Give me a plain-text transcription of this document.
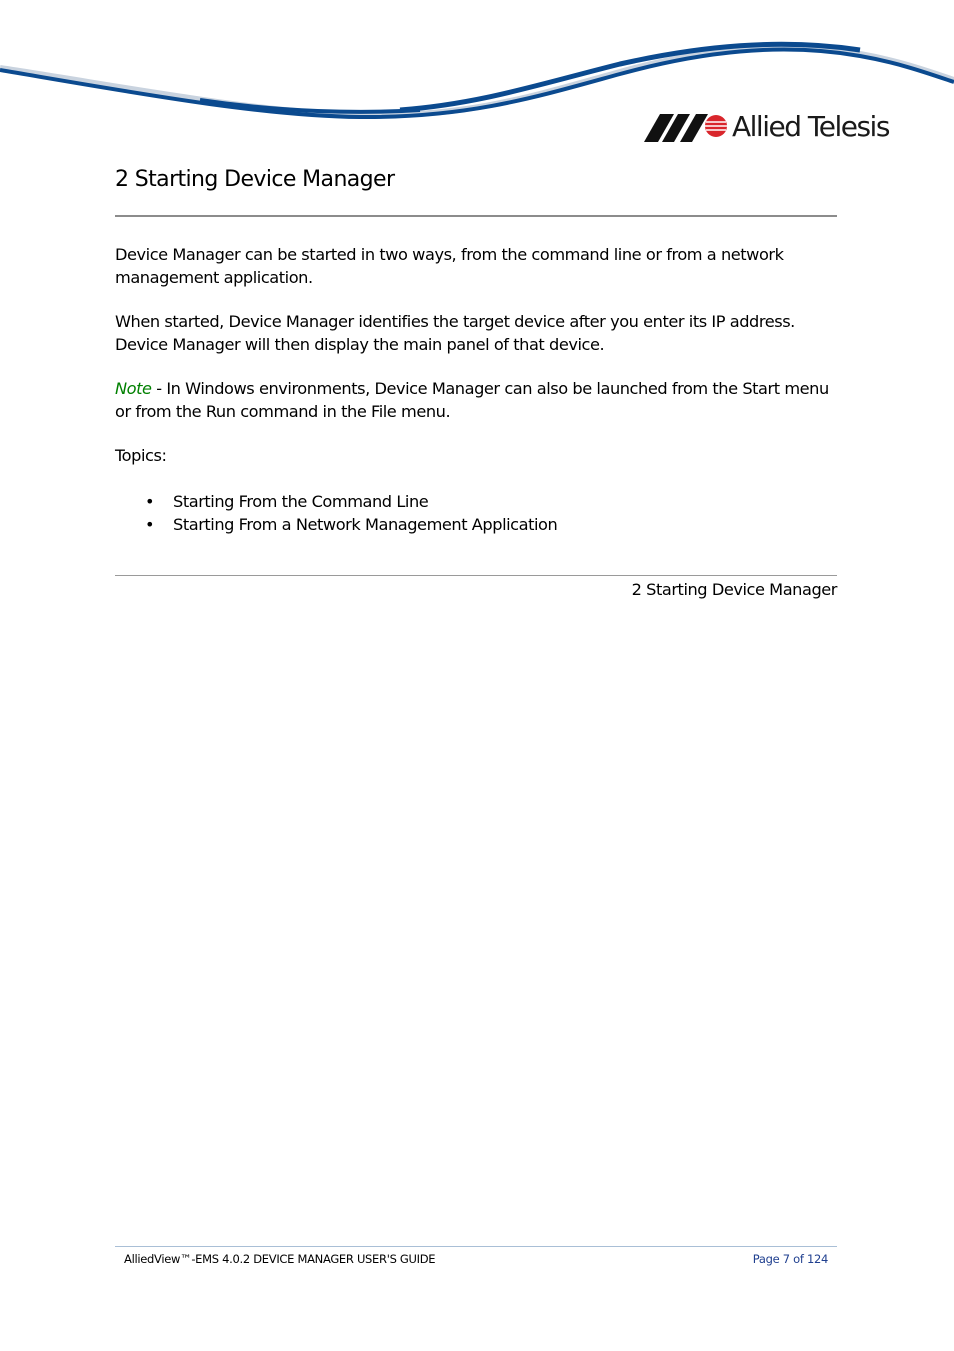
Allied Telesis
2 Starting Device Manager

Device Manager can be started in two ways, from the command line or from a network management application.

When started, Device Manager identifies the target device after you enter its IP address. Device Manager will then display the main panel of that device.

Note - In Windows environments, Device Manager can also be launched from the Start menu or from the Run command in the File menu.

Topics:

• Starting From the Command Line
• Starting From a Network Management Application
2 Starting Device Manager
AlliedView™-EMS 4.0.2 DEVICE MANAGER USER'S GUIDE	Page 7 of 124
